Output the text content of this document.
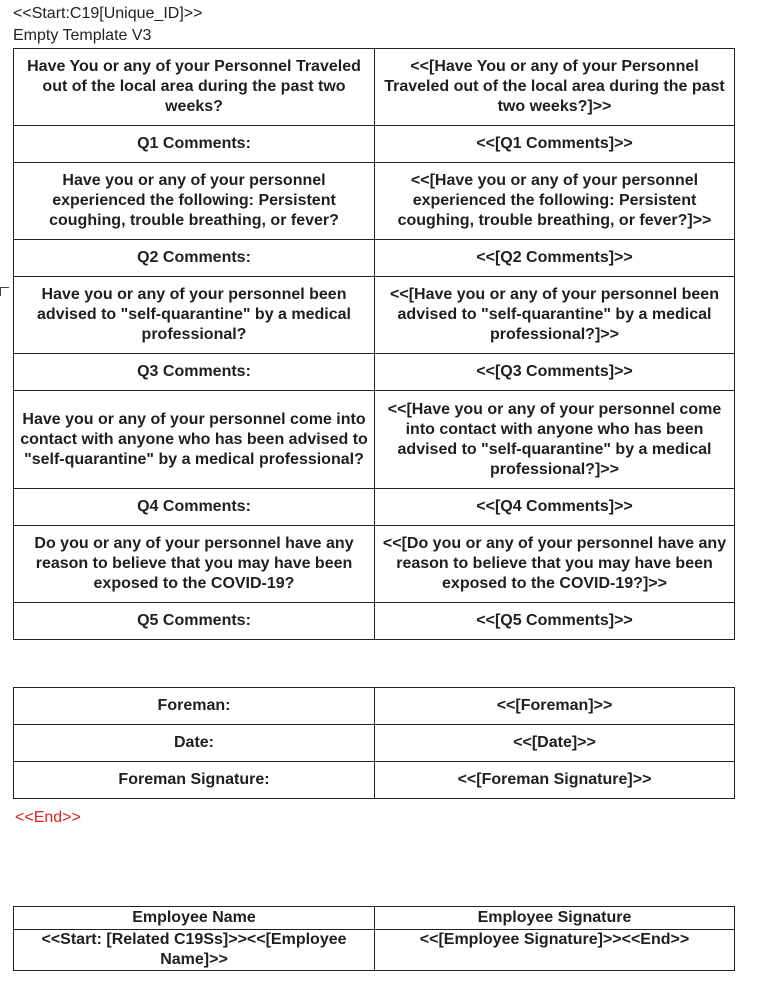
<<Start:C19[Unique_ID]>>
Empty Template V3
Have You or any of your Personnel Traveled out of the local area during the past two weeks?	<<[Have You or any of your Personnel Traveled out of the local area during the past two weeks?]>>
Q1 Comments:	<<[Q1 Comments]>>
Have you or any of your personnel experienced the following: Persistent coughing, trouble breathing, or fever?	<<[Have you or any of your personnel experienced the following: Persistent coughing, trouble breathing, or fever?]>>
Q2 Comments:	<<[Q2 Comments]>>
Have you or any of your personnel been advised to "self-quarantine" by a medical professional?	<<[Have you or any of your personnel been advised to "self-quarantine" by a medical professional?]>>
Q3 Comments:	<<[Q3 Comments]>>
Have you or any of your personnel come into contact with anyone who has been advised to "self-quarantine" by a medical professional?	<<[Have you or any of your personnel come into contact with anyone who has been advised to "self-quarantine" by a medical professional?]>>
Q4 Comments:	<<[Q4 Comments]>>
Do you or any of your personnel have any reason to believe that you may have been exposed to the COVID-19?	<<[Do you or any of your personnel have any reason to believe that you may have been exposed to the COVID-19?]>>
Q5 Comments:	<<[Q5 Comments]>>
Foreman:	<<[Foreman]>>
Date:	<<[Date]>>
Foreman Signature:	<<[Foreman Signature]>>
<<End>>
Employee Name	Employee Signature
<<Start: [Related C19Ss]>><<[Employee Name]>>	<<[Employee Signature]>><<End>>
